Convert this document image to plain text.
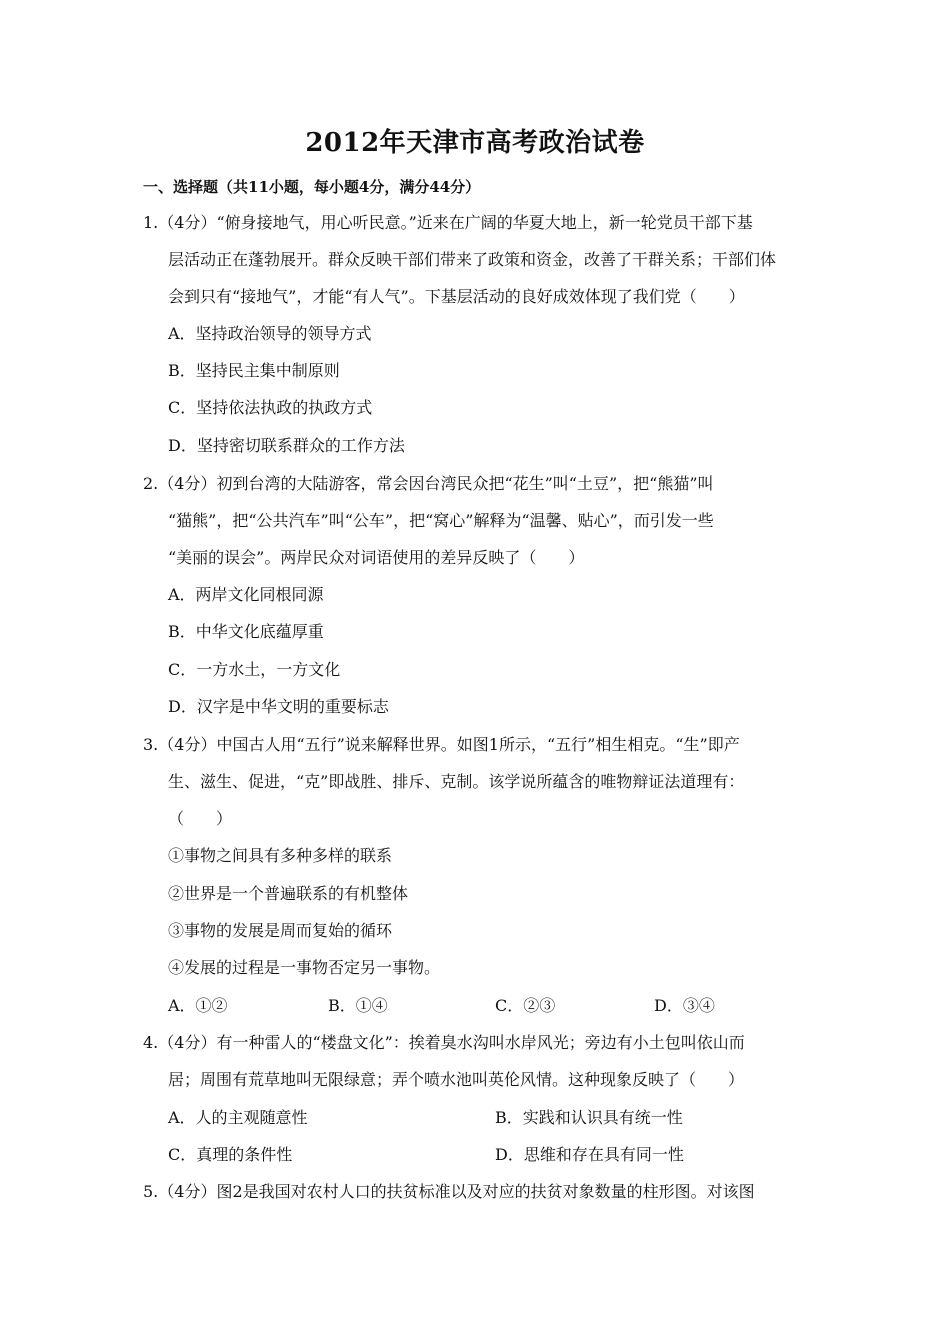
2012年天津市高考政治试卷
一、选择题（共11小题，每小题4分，满分44分）
1.（4分）“俯身接地气，用心听民意。”近来在广阔的华夏大地上，新一轮党员干部下基
层活动正在蓬勃展开。群众反映干部们带来了政策和资金，改善了干群关系；干部们体
会到只有“接地气”，才能“有人气”。下基层活动的良好成效体现了我们党（　　）
A．坚持政治领导的领导方式
B．坚持民主集中制原则
C．坚持依法执政的执政方式
D．坚持密切联系群众的工作方法
2.（4分）初到台湾的大陆游客，常会因台湾民众把“花生”叫“土豆”，把“熊猫”叫
“猫熊”，把“公共汽车”叫“公车”，把“窝心”解释为“温馨、贴心”，而引发一些
“美丽的误会”。两岸民众对词语使用的差异反映了（　　）
A．两岸文化同根同源
B．中华文化底蕴厚重
C．一方水土，一方文化
D．汉字是中华文明的重要标志
3.（4分）中国古人用“五行”说来解释世界。如图1所示，“五行”相生相克。“生”即产
生、滋生、促进，“克”即战胜、排斥、克制。该学说所蕴含的唯物辩证法道理有：
（　　）
①事物之间具有多种多样的联系
②世界是一个普遍联系的有机整体
③事物的发展是周而复始的循环
④发展的过程是一事物否定另一事物。
A．①②	B．①④	C．②③	D．③④
4.（4分）有一种雷人的“楼盘文化”：挨着臭水沟叫水岸风光；旁边有小土包叫依山而
居；周围有荒草地叫无限绿意；弄个喷水池叫英伦风情。这种现象反映了（　　）
A．人的主观随意性	B．实践和认识具有统一性
C．真理的条件性	D．思维和存在具有同一性
5.（4分）图2是我国对农村人口的扶贫标准以及对应的扶贫对象数量的柱形图。对该图
